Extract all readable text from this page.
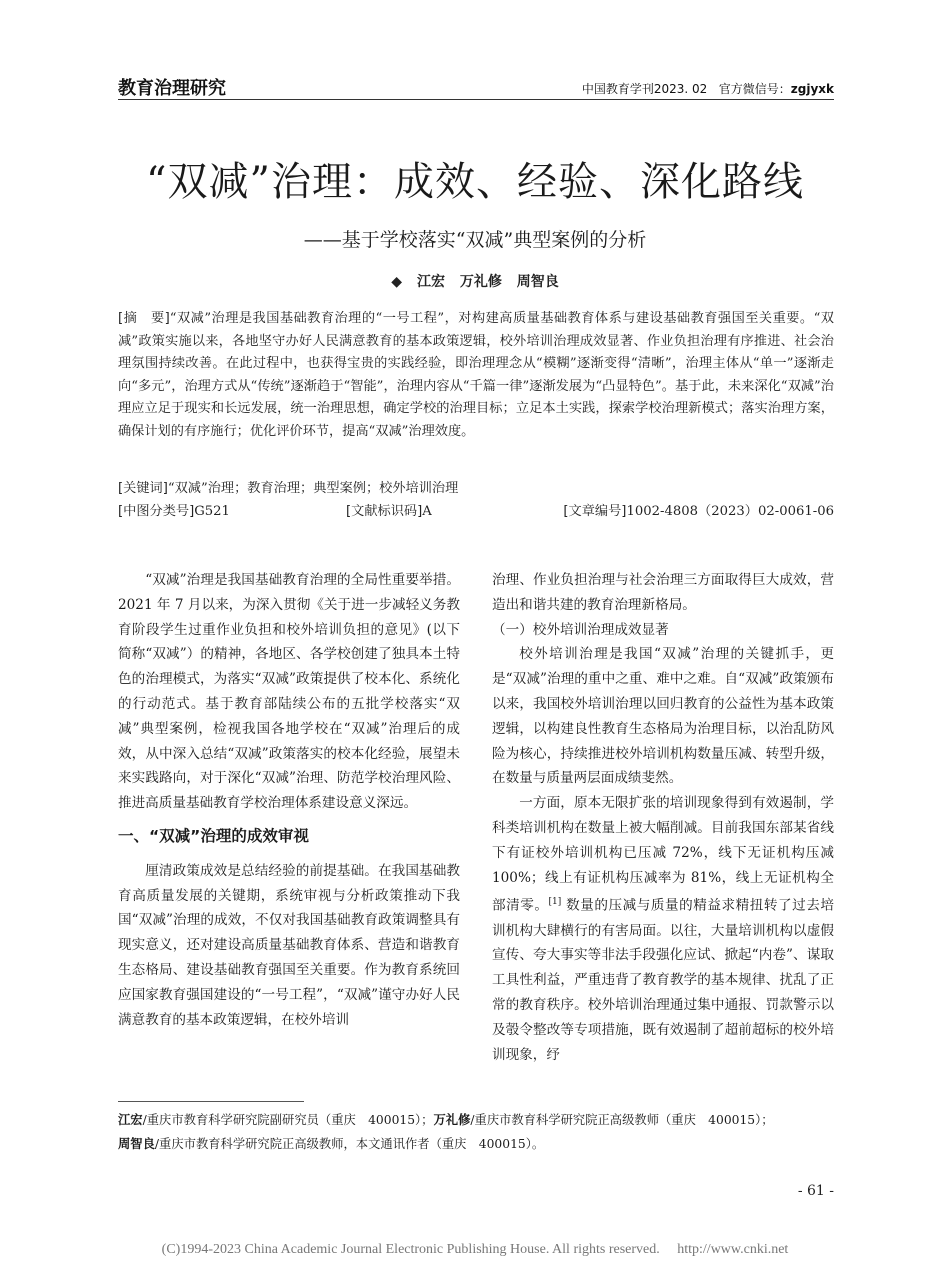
教育治理研究	中国教育学刊2023. 02 官方微信号：zgjyxk
“双减”治理：成效、经验、深化路线
——基于学校落实“双减”典型案例的分析
◆ 江宏 万礼修 周智良
[摘　要]“双减”治理是我国基础教育治理的“一号工程”，对构建高质量基础教育体系与建设基础教育强国至关重要。“双减”政策实施以来，各地坚守办好人民满意教育的基本政策逻辑，校外培训治理成效显著、作业负担治理有序推进、社会治理氛围持续改善。在此过程中，也获得宝贵的实践经验，即治理理念从“模糊”逐渐变得“清晰”，治理主体从“单一”逐渐走向“多元”，治理方式从“传统”逐渐趋于“智能”，治理内容从“千篇一律”逐渐发展为“凸显特色”。基于此，未来深化“双减”治理应立足于现实和长远发展，统一治理思想，确定学校的治理目标；立足本土实践，探索学校治理新模式；落实治理方案，确保计划的有序施行；优化评价环节，提高“双减”治理效度。
[关键词]“双减”治理；教育治理；典型案例；校外培训治理
[中图分类号]G521	[文献标识码]A	[文章编号]1002-4808（2023）02-0061-06

“双减”治理是我国基础教育治理的全局性重要举措。2021 年 7 月以来，为深入贯彻《关于进一步减轻义务教育阶段学生过重作业负担和校外培训负担的意见》(以下简称“双减”）的精神，各地区、各学校创建了独具本土特色的治理模式，为落实“双减”政策提供了校本化、系统化的行动范式。基于教育部陆续公布的五批学校落实“双减”典型案例，检视我国各地学校在“双减”治理后的成效，从中深入总结“双减”政策落实的校本化经验，展望未来实践路向，对于深化“双减”治理、防范学校治理风险、推进高质量基础教育学校治理体系建设意义深远。

一、“双减”治理的成效审视

厘清政策成效是总结经验的前提基础。在我国基础教育高质量发展的关键期，系统审视与分析政策推动下我国“双减”治理的成效，不仅对我国基础教育政策调整具有现实意义，还对建设高质量基础教育体系、营造和谐教育生态格局、建设基础教育强国至关重要。作为教育系统回应国家教育强国建设的“一号工程”，“双减”谨守办好人民满意教育的基本政策逻辑，在校外培训

治理、作业负担治理与社会治理三方面取得巨大成效，营造出和谐共建的教育治理新格局。

（一）校外培训治理成效显著

校外培训治理是我国“双减”治理的关键抓手，更是“双减”治理的重中之重、难中之难。自“双减”政策颁布以来，我国校外培训治理以回归教育的公益性为基本政策逻辑，以构建良性教育生态格局为治理目标，以治乱防风险为核心，持续推进校外培训机构数量压减、转型升级，在数量与质量两层面成绩斐然。

一方面，原本无限扩张的培训现象得到有效遏制，学科类培训机构在数量上被大幅削减。目前我国东部某省线下有证校外培训机构已压减 72%，线下无证机构压减 100%；线上有证机构压减率为 81%，线上无证机构全部清零。[1] 数量的压减与质量的精益求精扭转了过去培训机构大肆横行的有害局面。以往，大量培训机构以虚假宣传、夸大事实等非法手段强化应试、掀起“内卷”、谋取工具性利益，严重违背了教育教学的基本规律、扰乱了正常的教育秩序。校外培训治理通过集中通报、罚款警示以及彀令整改等专项措施，既有效遏制了超前超标的校外培训现象，纾

江宏/重庆市教育科学研究院副研究员（重庆　400015）；万礼修/重庆市教育科学研究院正高级教师（重庆　400015）；
周智良/重庆市教育科学研究院正高级教师，本文通讯作者（重庆　400015）。
- 61 -
(C)1994-2023 China Academic Journal Electronic Publishing House. All rights reserved.　 http://www.cnki.net
